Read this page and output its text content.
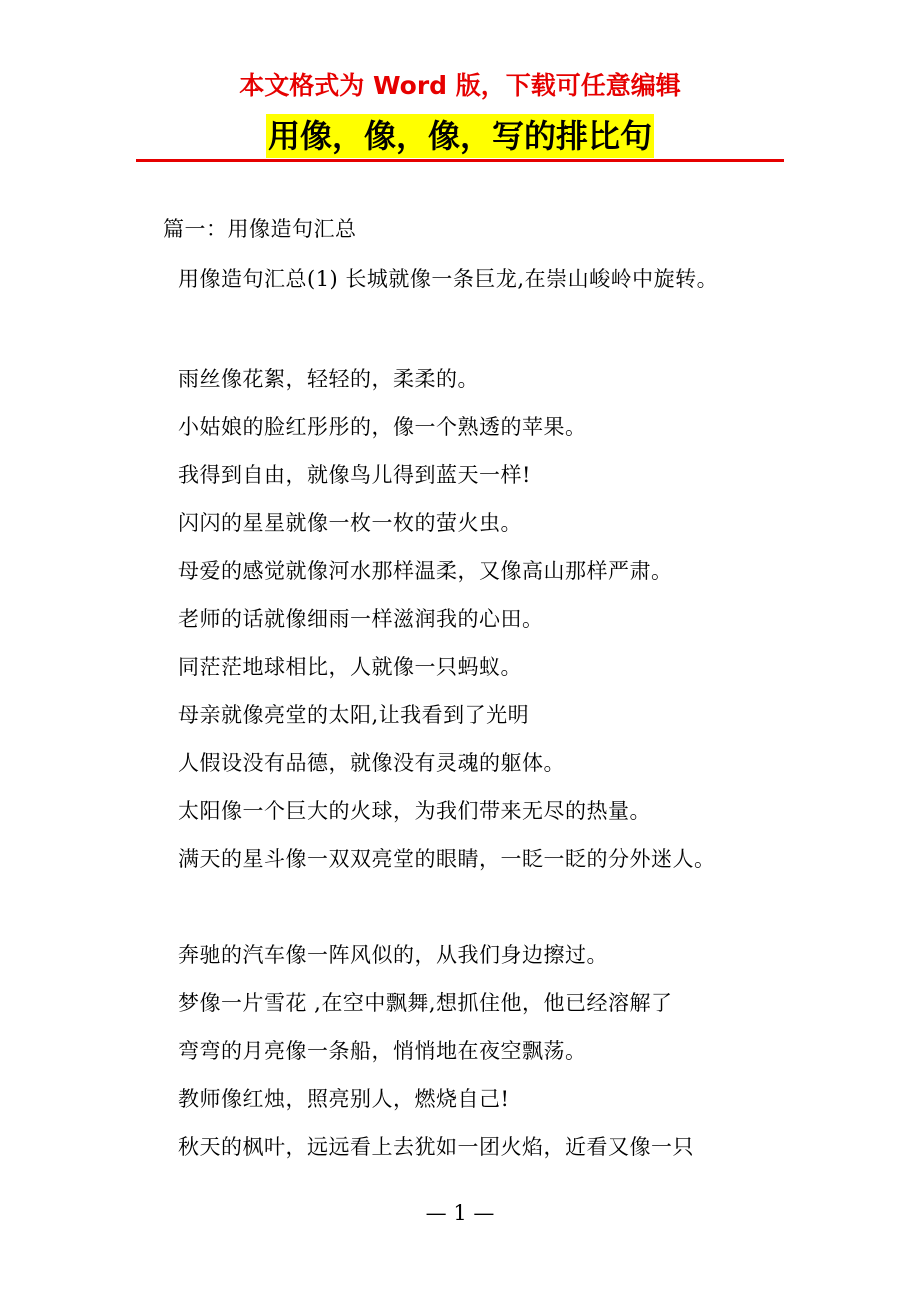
本文格式为 Word 版，下载可任意编辑
用像，像，像，写的排比句
篇一：用像造句汇总
用像造句汇总(1) 长城就像一条巨龙,在崇山峻岭中旋转。
雨丝像花絮，轻轻的，柔柔的。
小姑娘的脸红彤彤的，像一个熟透的苹果。
我得到自由，就像鸟儿得到蓝天一样!
闪闪的星星就像一枚一枚的萤火虫。
母爱的感觉就像河水那样温柔，又像高山那样严肃。
老师的话就像细雨一样滋润我的心田。
同茫茫地球相比，人就像一只蚂蚁。
母亲就像亮堂的太阳,让我看到了光明
人假设没有品德，就像没有灵魂的躯体。
太阳像一个巨大的火球，为我们带来无尽的热量。
满天的星斗像一双双亮堂的眼睛，一眨一眨的分外迷人。
奔驰的汽车像一阵风似的，从我们身边擦过。
梦像一片雪花 ,在空中飘舞,想抓住他，他已经溶解了
弯弯的月亮像一条船，悄悄地在夜空飘荡。
教师像红烛，照亮别人，燃烧自己!
秋天的枫叶，远远看上去犹如一团火焰，近看又像一只
— 1 —
